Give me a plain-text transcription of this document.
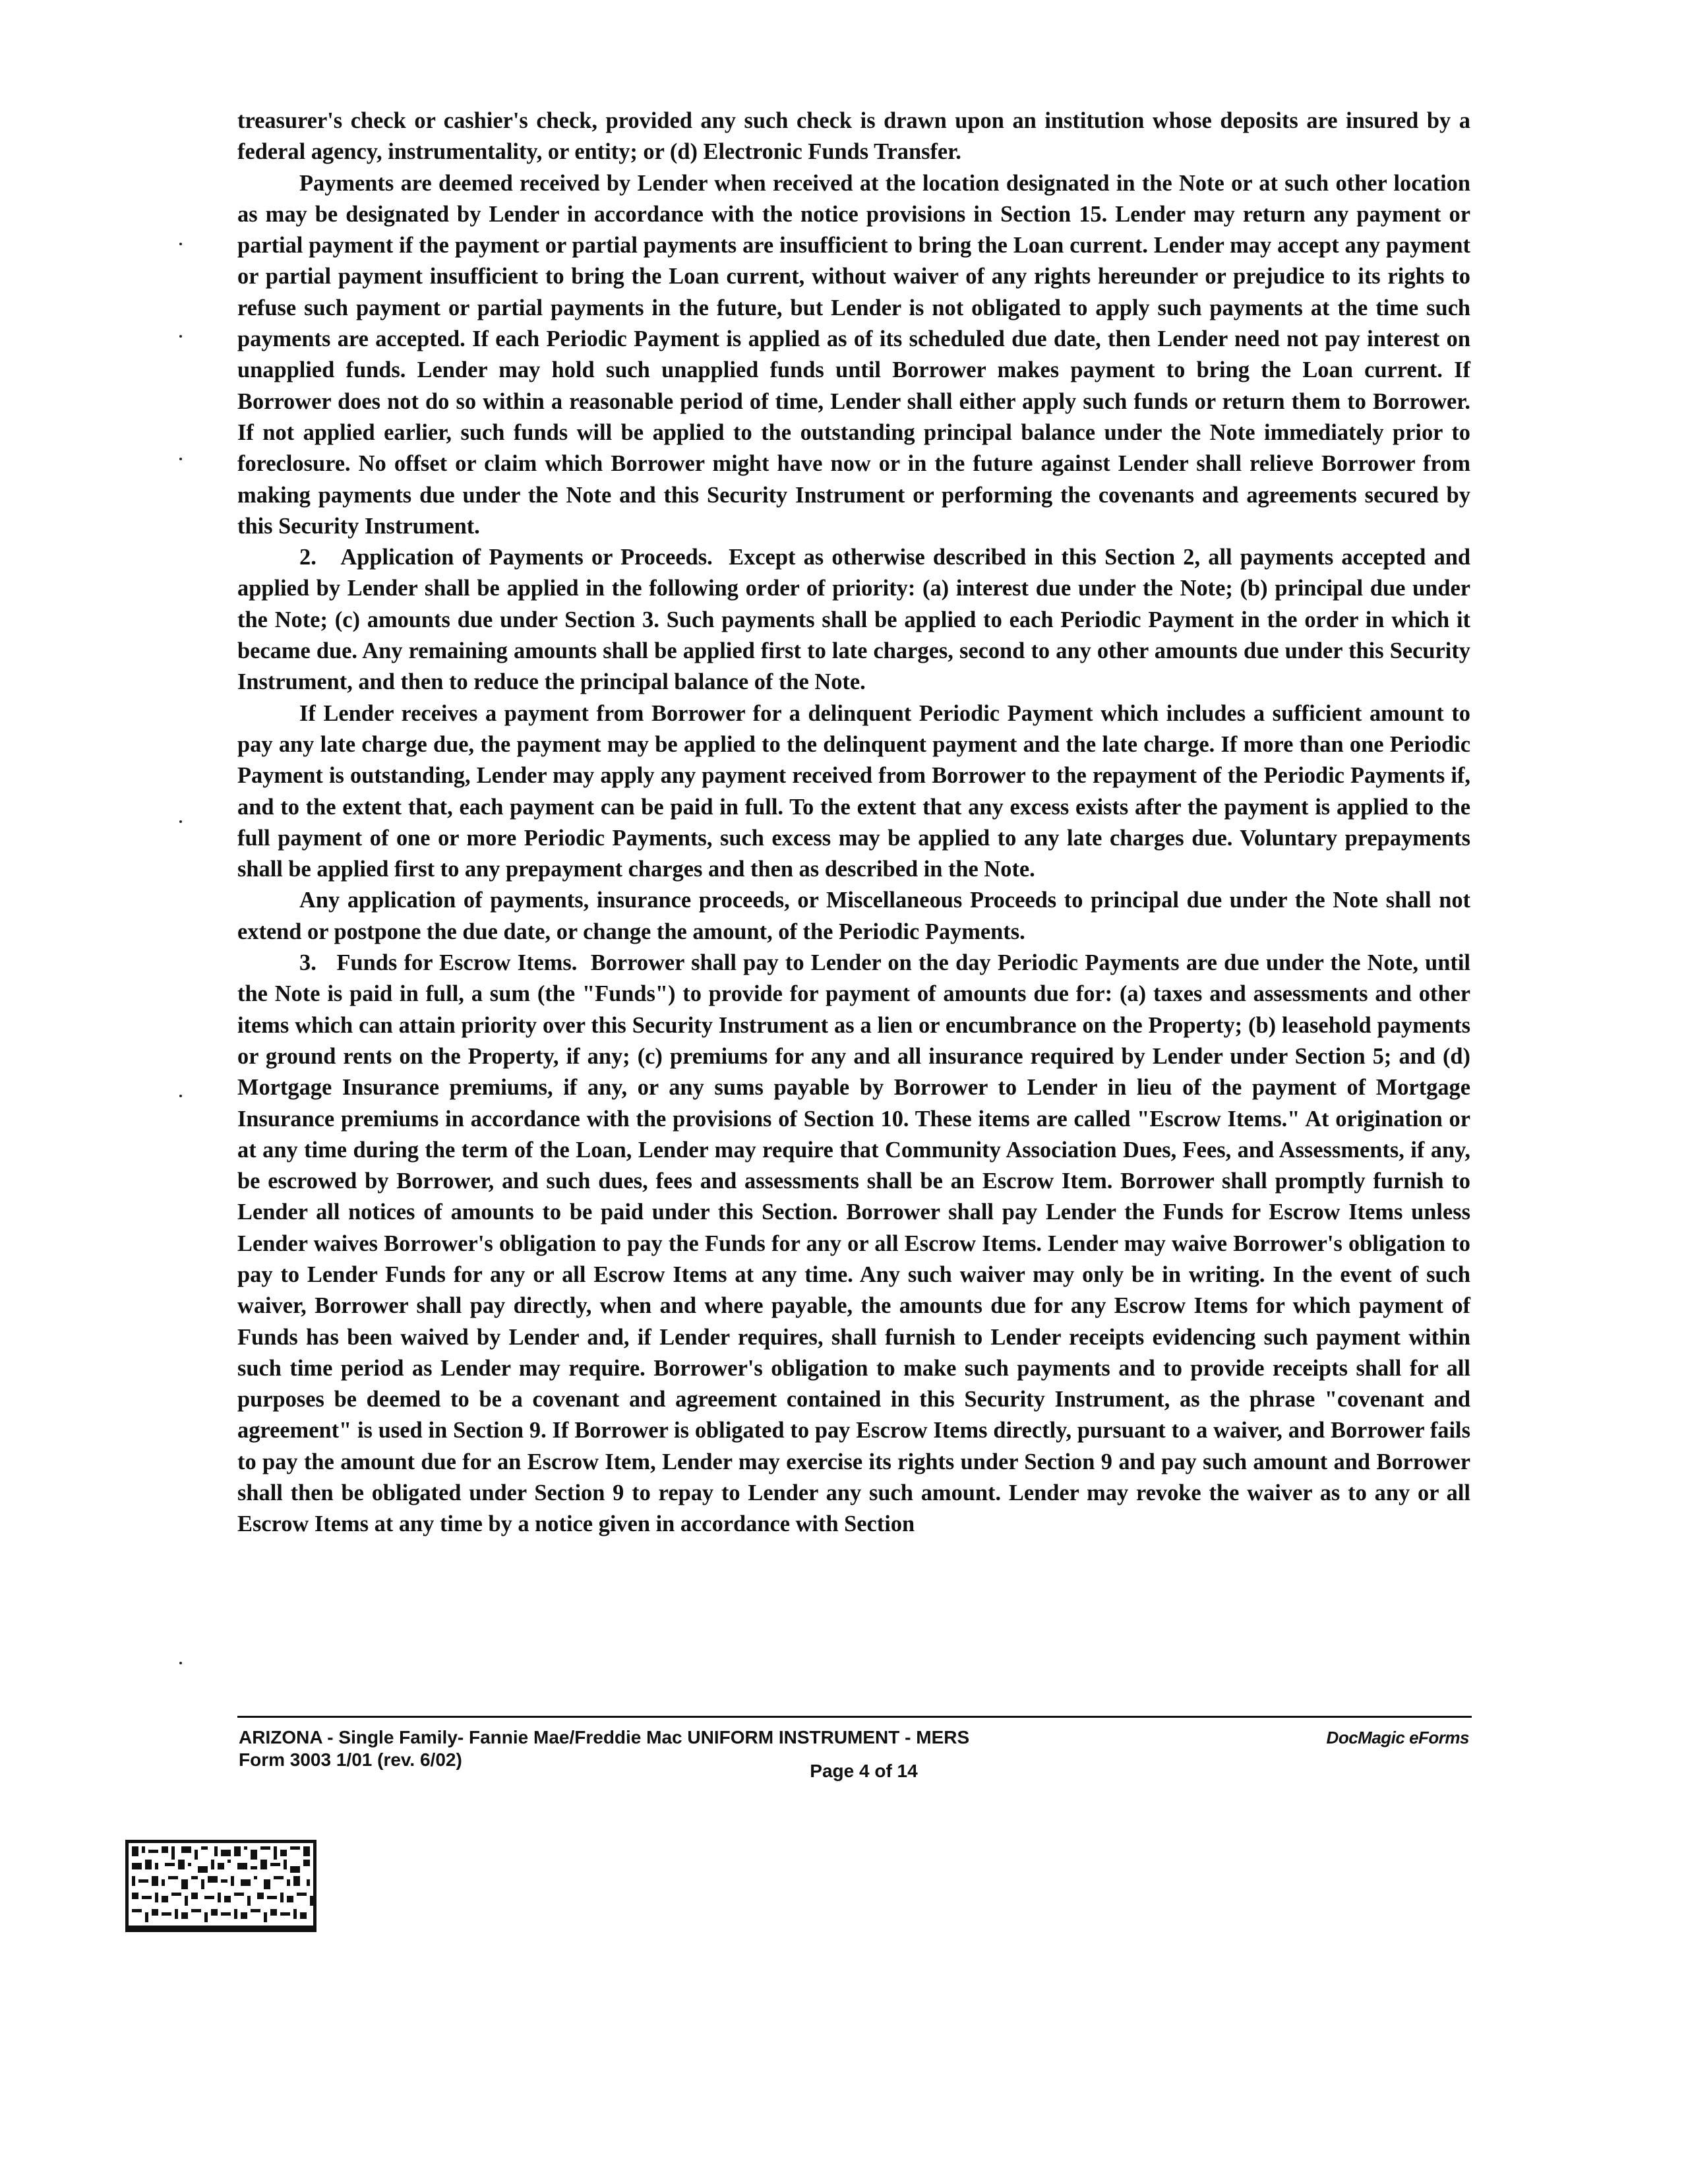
treasurer's check or cashier's check, provided any such check is drawn upon an institution whose deposits are insured by a federal agency, instrumentality, or entity; or (d) Electronic Funds Transfer.

Payments are deemed received by Lender when received at the location designated in the Note or at such other location as may be designated by Lender in accordance with the notice provisions in Section 15. Lender may return any payment or partial payment if the payment or partial payments are insufficient to bring the Loan current. Lender may accept any payment or partial payment insufficient to bring the Loan current, without waiver of any rights hereunder or prejudice to its rights to refuse such payment or partial payments in the future, but Lender is not obligated to apply such payments at the time such payments are accepted. If each Periodic Payment is applied as of its scheduled due date, then Lender need not pay interest on unapplied funds. Lender may hold such unapplied funds until Borrower makes payment to bring the Loan current. If Borrower does not do so within a reasonable period of time, Lender shall either apply such funds or return them to Borrower. If not applied earlier, such funds will be applied to the outstanding principal balance under the Note immediately prior to foreclosure. No offset or claim which Borrower might have now or in the future against Lender shall relieve Borrower from making payments due under the Note and this Security Instrument or performing the covenants and agreements secured by this Security Instrument.

2. Application of Payments or Proceeds. Except as otherwise described in this Section 2, all payments accepted and applied by Lender shall be applied in the following order of priority: (a) interest due under the Note; (b) principal due under the Note; (c) amounts due under Section 3. Such payments shall be applied to each Periodic Payment in the order in which it became due. Any remaining amounts shall be applied first to late charges, second to any other amounts due under this Security Instrument, and then to reduce the principal balance of the Note.

If Lender receives a payment from Borrower for a delinquent Periodic Payment which includes a sufficient amount to pay any late charge due, the payment may be applied to the delinquent payment and the late charge. If more than one Periodic Payment is outstanding, Lender may apply any payment received from Borrower to the repayment of the Periodic Payments if, and to the extent that, each payment can be paid in full. To the extent that any excess exists after the payment is applied to the full payment of one or more Periodic Payments, such excess may be applied to any late charges due. Voluntary prepayments shall be applied first to any prepayment charges and then as described in the Note.

Any application of payments, insurance proceeds, or Miscellaneous Proceeds to principal due under the Note shall not extend or postpone the due date, or change the amount, of the Periodic Payments.

3. Funds for Escrow Items. Borrower shall pay to Lender on the day Periodic Payments are due under the Note, until the Note is paid in full, a sum (the "Funds") to provide for payment of amounts due for: (a) taxes and assessments and other items which can attain priority over this Security Instrument as a lien or encumbrance on the Property; (b) leasehold payments or ground rents on the Property, if any; (c) premiums for any and all insurance required by Lender under Section 5; and (d) Mortgage Insurance premiums, if any, or any sums payable by Borrower to Lender in lieu of the payment of Mortgage Insurance premiums in accordance with the provisions of Section 10. These items are called "Escrow Items." At origination or at any time during the term of the Loan, Lender may require that Community Association Dues, Fees, and Assessments, if any, be escrowed by Borrower, and such dues, fees and assessments shall be an Escrow Item. Borrower shall promptly furnish to Lender all notices of amounts to be paid under this Section. Borrower shall pay Lender the Funds for Escrow Items unless Lender waives Borrower's obligation to pay the Funds for any or all Escrow Items. Lender may waive Borrower's obligation to pay to Lender Funds for any or all Escrow Items at any time. Any such waiver may only be in writing. In the event of such waiver, Borrower shall pay directly, when and where payable, the amounts due for any Escrow Items for which payment of Funds has been waived by Lender and, if Lender requires, shall furnish to Lender receipts evidencing such payment within such time period as Lender may require. Borrower's obligation to make such payments and to provide receipts shall for all purposes be deemed to be a covenant and agreement contained in this Security Instrument, as the phrase "covenant and agreement" is used in Section 9. If Borrower is obligated to pay Escrow Items directly, pursuant to a waiver, and Borrower fails to pay the amount due for an Escrow Item, Lender may exercise its rights under Section 9 and pay such amount and Borrower shall then be obligated under Section 9 to repay to Lender any such amount. Lender may revoke the waiver as to any or all Escrow Items at any time by a notice given in accordance with Section

ARIZONA - Single Family- Fannie Mae/Freddie Mac UNIFORM INSTRUMENT - MERS
Form 3003 1/01 (rev. 6/02)
DocMagic eForms
Page 4 of 14
